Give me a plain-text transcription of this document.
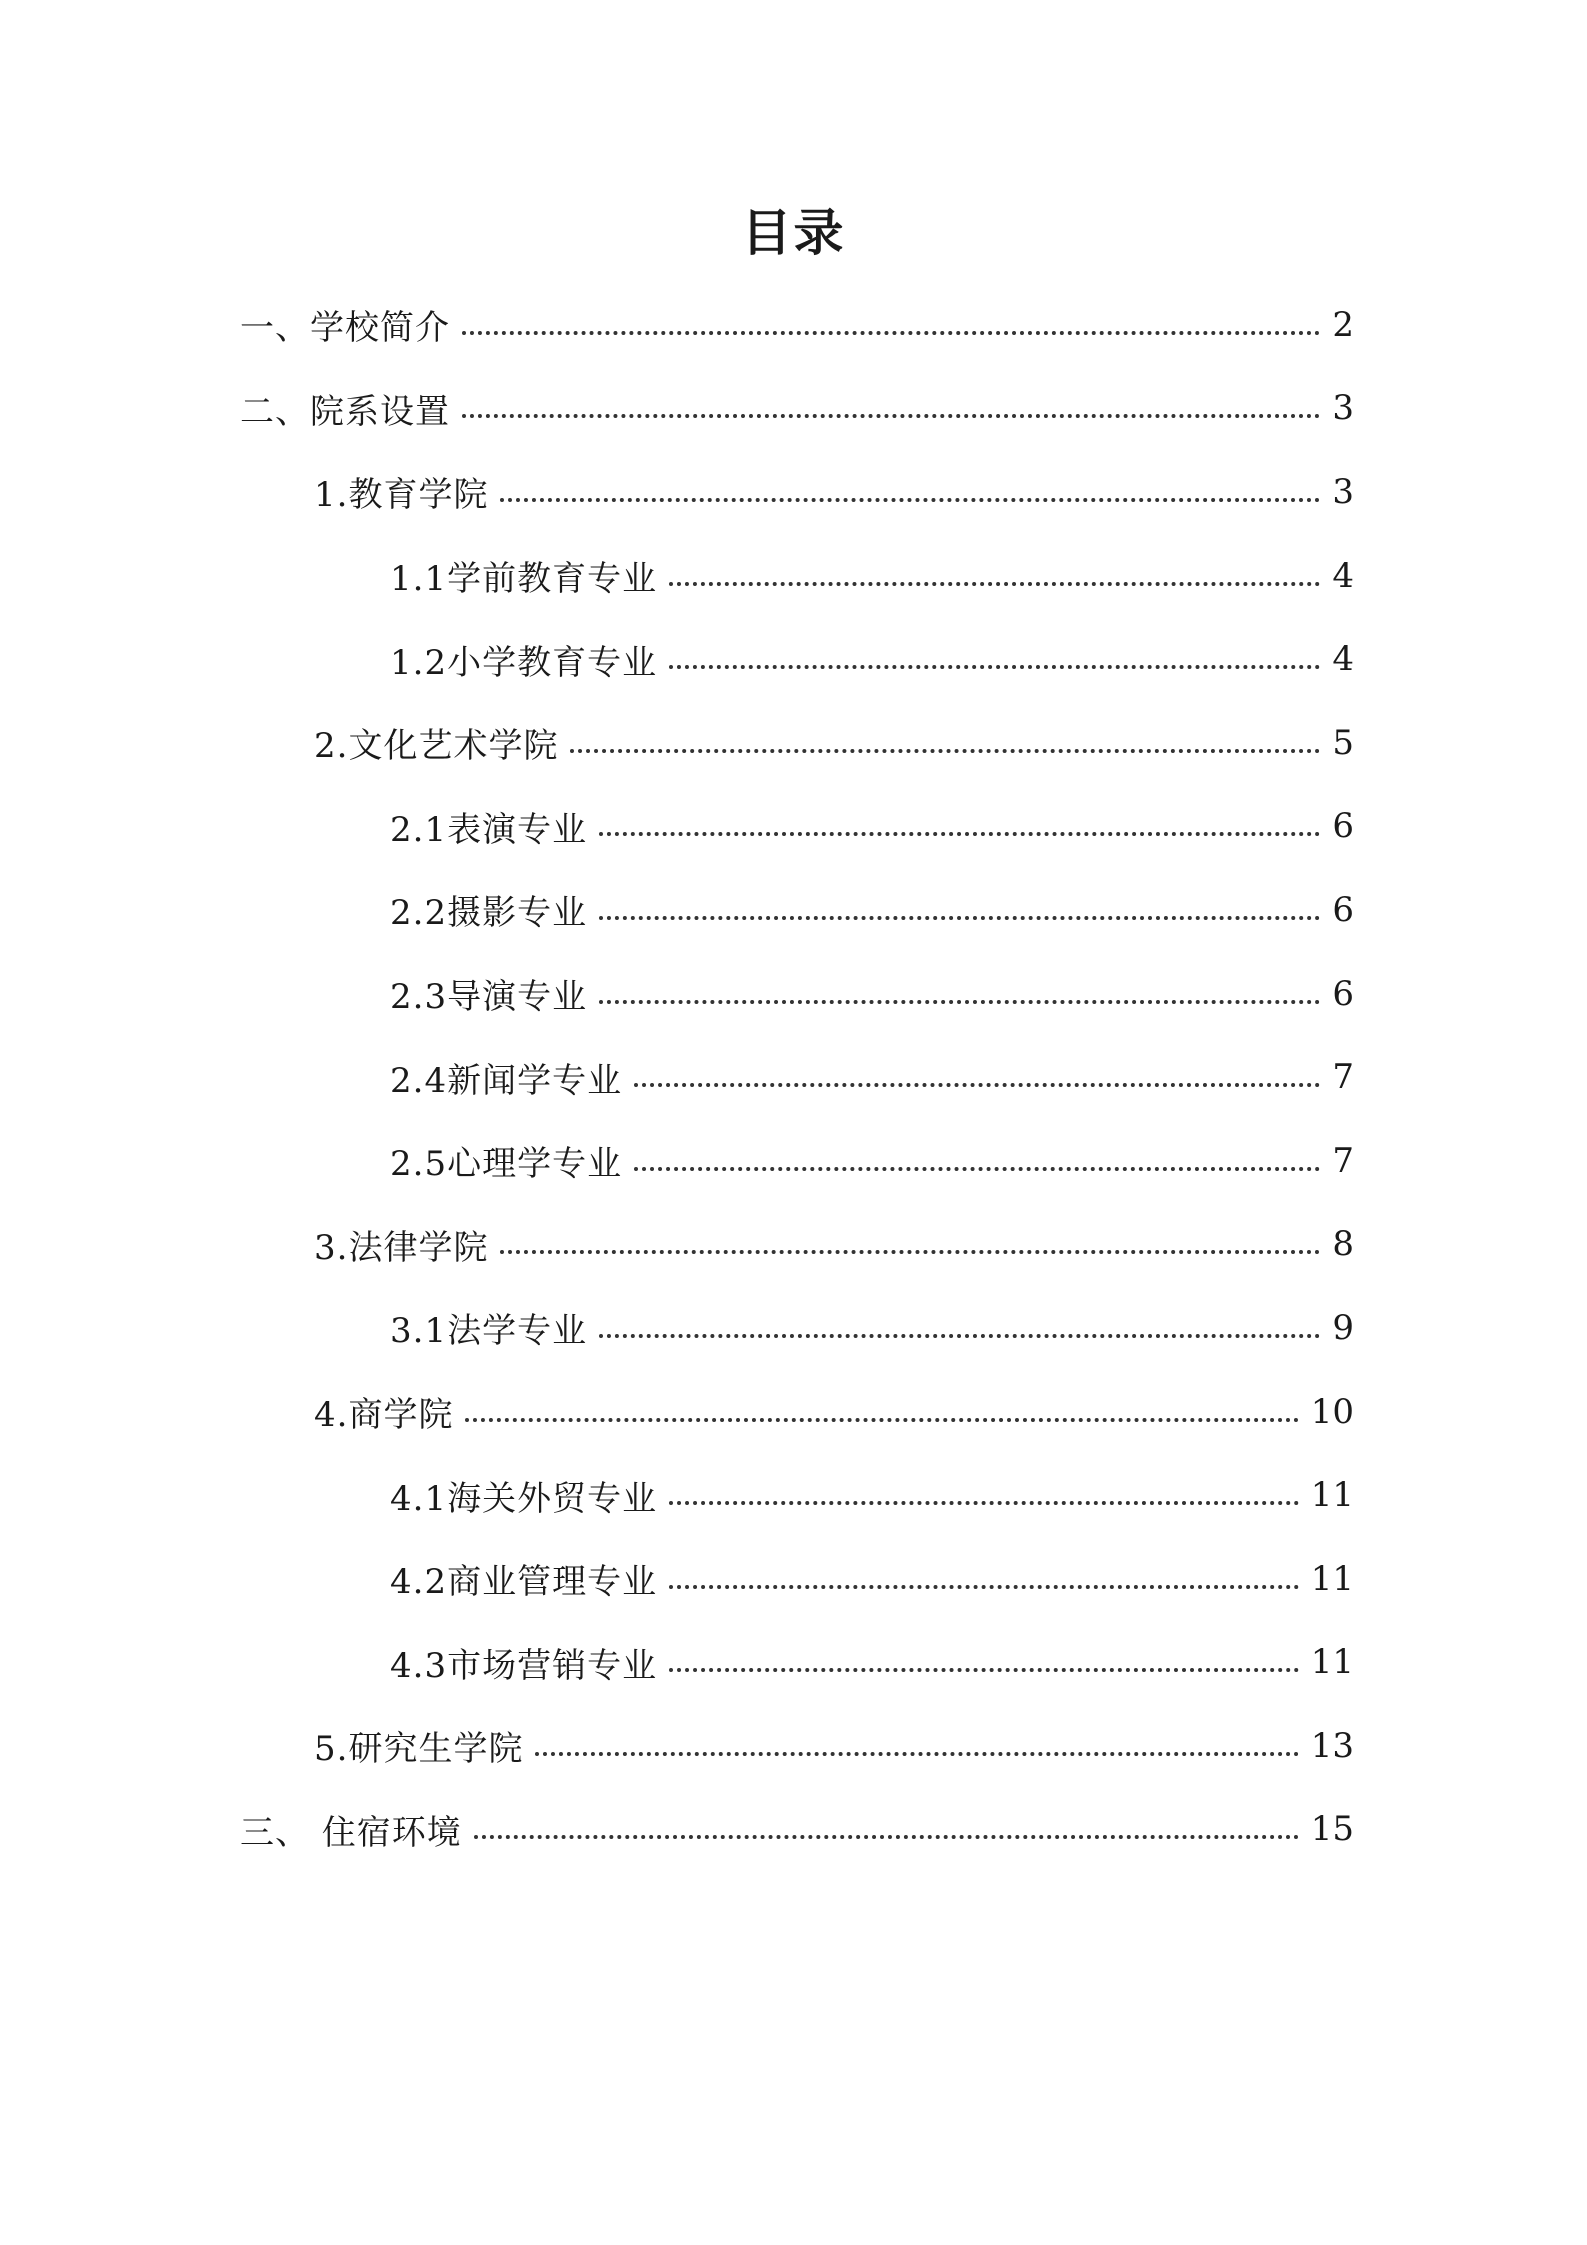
目录
一、学校简介	2
二、院系设置	3
1.教育学院	3
1.1学前教育专业	4
1.2小学教育专业	4
2.文化艺术学院	5
2.1表演专业	6
2.2摄影专业	6
2.3导演专业	6
2.4新闻学专业	7
2.5心理学专业	7
3.法律学院	8
3.1法学专业	9
4.商学院	10
4.1海关外贸专业	11
4.2商业管理专业	11
4.3市场营销专业	11
5.研究生学院	13
三、 住宿环境	15
